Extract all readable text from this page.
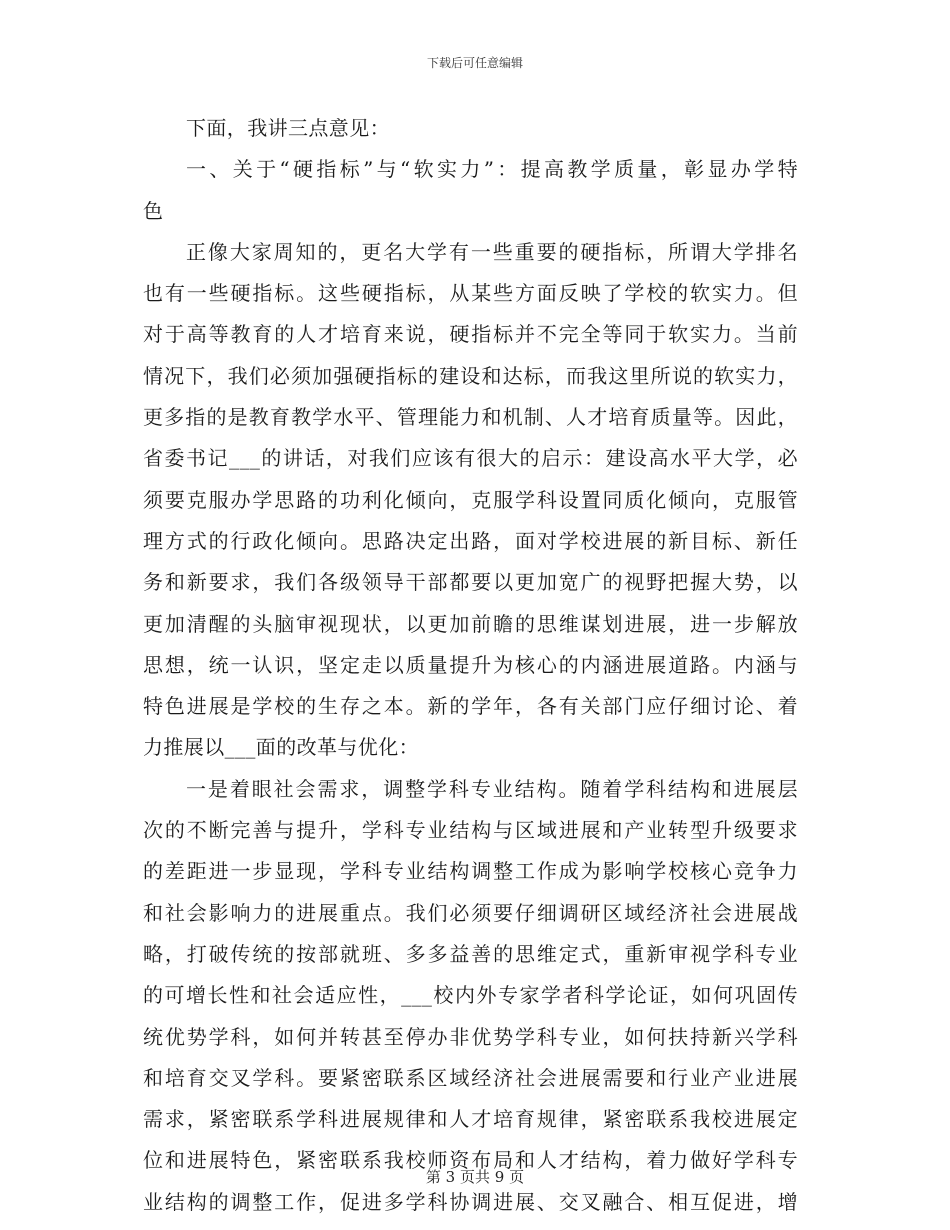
下载后可任意编辑
下面，我讲三点意见：
一、关于“硬指标”与“软实力”：提高教学质量，彰显办学特
色
正像大家周知的，更名大学有一些重要的硬指标，所谓大学排名
也有一些硬指标。这些硬指标，从某些方面反映了学校的软实力。但
对于高等教育的人才培育来说，硬指标并不完全等同于软实力。当前
情况下，我们必须加强硬指标的建设和达标，而我这里所说的软实力，
更多指的是教育教学水平、管理能力和机制、人才培育质量等。因此，
省委书记___的讲话，对我们应该有很大的启示：建设高水平大学，必
须要克服办学思路的功利化倾向，克服学科设置同质化倾向，克服管
理方式的行政化倾向。思路决定出路，面对学校进展的新目标、新任
务和新要求，我们各级领导干部都要以更加宽广的视野把握大势，以
更加清醒的头脑审视现状，以更加前瞻的思维谋划进展，进一步解放
思想，统一认识，坚定走以质量提升为核心的内涵进展道路。内涵与
特色进展是学校的生存之本。新的学年，各有关部门应仔细讨论、着
力推展以___面的改革与优化：
一是着眼社会需求，调整学科专业结构。随着学科结构和进展层
次的不断完善与提升，学科专业结构与区域进展和产业转型升级要求
的差距进一步显现，学科专业结构调整工作成为影响学校核心竞争力
和社会影响力的进展重点。我们必须要仔细调研区域经济社会进展战
略，打破传统的按部就班、多多益善的思维定式，重新审视学科专业
的可增长性和社会适应性，___校内外专家学者科学论证，如何巩固传
统优势学科，如何并转甚至停办非优势学科专业，如何扶持新兴学科
和培育交叉学科。要紧密联系区域经济社会进展需要和行业产业进展
需求，紧密联系学科进展规律和人才培育规律，紧密联系我校进展定
位和进展特色，紧密联系我校师资布局和人才结构，着力做好学科专
业结构的调整工作，促进多学科协调进展、交叉融合、相互促进，增
第 3 页共 9 页
